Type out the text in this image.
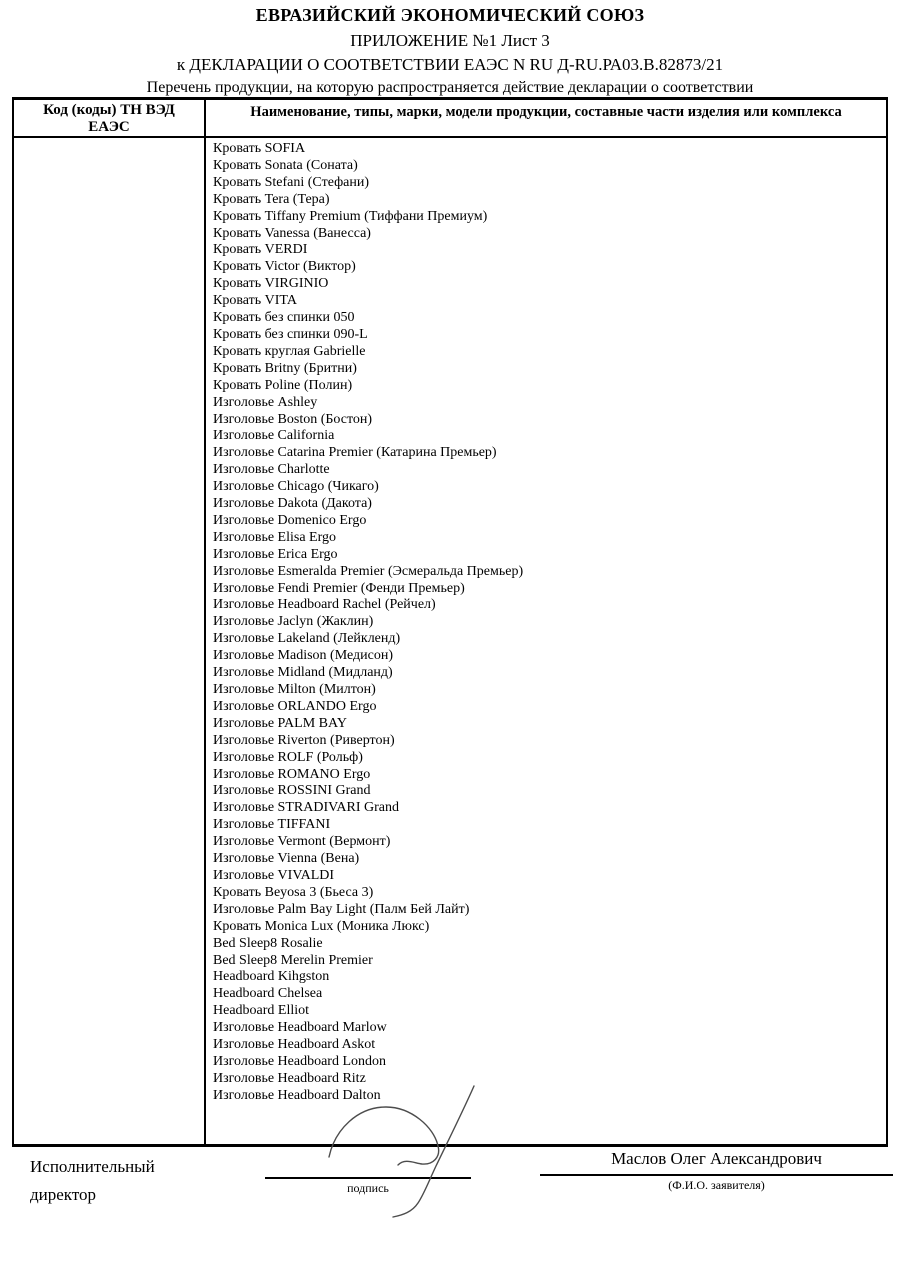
ЕВРАЗИЙСКИЙ ЭКОНОМИЧЕСКИЙ СОЮЗ
ПРИЛОЖЕНИЕ №1 Лист 3
к ДЕКЛАРАЦИИ О СООТВЕТСТВИИ ЕАЭС N RU Д-RU.РА03.В.82873/21
Перечень продукции, на которую распространяется действие декларации о соответствии
Код (коды) ТН ВЭД ЕАЭС
Наименование, типы, марки, модели продукции, составные части изделия или комплекса
Кровать SOFIA
Кровать Sonata (Соната)
Кровать Stefani (Стефани)
Кровать Tera (Тера)
Кровать Tiffany Premium (Тиффани Премиум)
Кровать Vanessa (Ванесса)
Кровать VERDI
Кровать Victor (Виктор)
Кровать VIRGINIO
Кровать VITA
Кровать без спинки 050
Кровать без спинки 090-L
Кровать круглая Gabrielle
Кровать Britny (Бритни)
Кровать Poline (Полин)
Изголовье Ashley
Изголовье Boston (Бостон)
Изголовье California
Изголовье Catarina Premier (Катарина Премьер)
Изголовье Charlotte
Изголовье Chicago (Чикаго)
Изголовье Dakota (Дакота)
Изголовье Domenico Ergo
Изголовье Elisa Ergo
Изголовье Erica Ergo
Изголовье Esmeralda Premier (Эсмеральда Премьер)
Изголовье Fendi Premier (Фенди Премьер)
Изголовье Headboard Rachel (Рейчел)
Изголовье Jaclyn (Жаклин)
Изголовье Lakeland (Лейкленд)
Изголовье Madison (Медисон)
Изголовье Midland (Мидланд)
Изголовье Milton (Милтон)
Изголовье ORLANDO Ergo
Изголовье PALM BAY
Изголовье Riverton (Ривертон)
Изголовье ROLF (Рольф)
Изголовье ROMANO Ergo
Изголовье ROSSINI Grand
Изголовье STRADIVARI Grand
Изголовье TIFFANI
Изголовье Vermont (Вермонт)
Изголовье Vienna (Вена)
Изголовье VIVALDI
Кровать Beyosa 3 (Бьеса 3)
Изголовье Palm Bay Light (Палм Бей Лайт)
Кровать Monica Lux (Моника Люкс)
Bed Sleep8 Rosalie
Bed Sleep8 Merelin Premier
Headboard Kihgston
Headboard Chelsea
Headboard Elliot
Изголовье Headboard Marlow
Изголовье Headboard Askot
Изголовье Headboard London
Изголовье Headboard Ritz
Изголовье Headboard Dalton
Исполнительный директор	подпись
Маслов Олег Александрович
(Ф.И.О. заявителя)
